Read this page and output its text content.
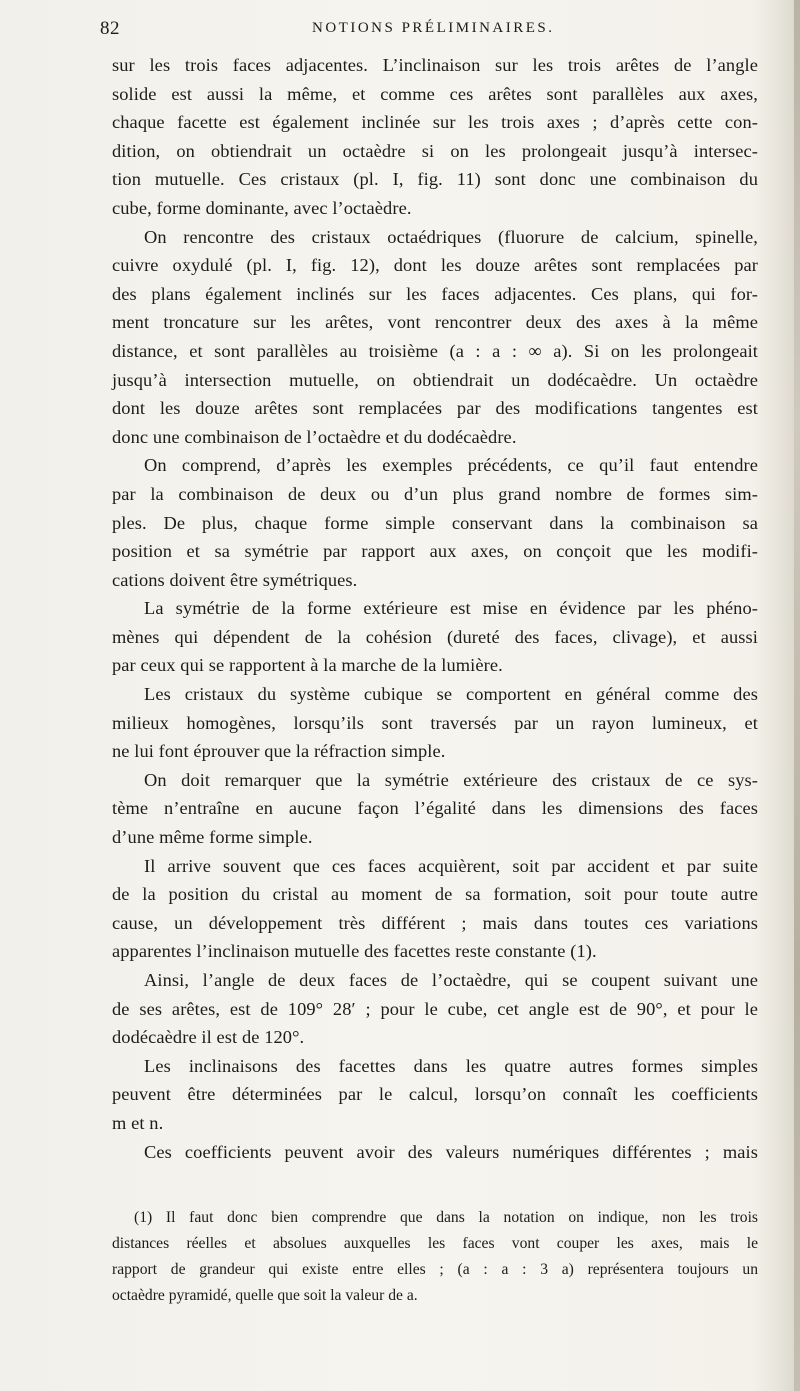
82	NOTIONS PRÉLIMINAIRES.
sur les trois faces adjacentes. L’inclinaison sur les trois arêtes de l’angle
solide est aussi la même, et comme ces arêtes sont parallèles aux axes,
chaque facette est également inclinée sur les trois axes ; d’après cette con-
dition, on obtiendrait un octaèdre si on les prolongeait jusqu’à intersec-
tion mutuelle. Ces cristaux (pl. I, fig. 11) sont donc une combinaison du
cube, forme dominante, avec l’octaèdre.
On rencontre des cristaux octaédriques (fluorure de calcium, spinelle,
cuivre oxydulé (pl. I, fig. 12), dont les douze arêtes sont remplacées par
des plans également inclinés sur les faces adjacentes. Ces plans, qui for-
ment troncature sur les arêtes, vont rencontrer deux des axes à la même
distance, et sont parallèles au troisième (a : a : ∞ a). Si on les prolongeait
jusqu’à intersection mutuelle, on obtiendrait un dodécaèdre. Un octaèdre
dont les douze arêtes sont remplacées par des modifications tangentes est
donc une combinaison de l’octaèdre et du dodécaèdre.
On comprend, d’après les exemples précédents, ce qu’il faut entendre
par la combinaison de deux ou d’un plus grand nombre de formes sim-
ples. De plus, chaque forme simple conservant dans la combinaison sa
position et sa symétrie par rapport aux axes, on conçoit que les modifi-
cations doivent être symétriques.
La symétrie de la forme extérieure est mise en évidence par les phéno-
mènes qui dépendent de la cohésion (dureté des faces, clivage), et aussi
par ceux qui se rapportent à la marche de la lumière.
Les cristaux du système cubique se comportent en général comme des
milieux homogènes, lorsqu’ils sont traversés par un rayon lumineux, et
ne lui font éprouver que la réfraction simple.
On doit remarquer que la symétrie extérieure des cristaux de ce sys-
tème n’entraîne en aucune façon l’égalité dans les dimensions des faces
d’une même forme simple.
Il arrive souvent que ces faces acquièrent, soit par accident et par suite
de la position du cristal au moment de sa formation, soit pour toute autre
cause, un développement très différent ; mais dans toutes ces variations
apparentes l’inclinaison mutuelle des facettes reste constante (1).
Ainsi, l’angle de deux faces de l’octaèdre, qui se coupent suivant une
de ses arêtes, est de 109° 28′ ; pour le cube, cet angle est de 90°, et pour le
dodécaèdre il est de 120°.
Les inclinaisons des facettes dans les quatre autres formes simples
peuvent être déterminées par le calcul, lorsqu’on connaît les coefficients
m et n.
Ces coefficients peuvent avoir des valeurs numériques différentes ; mais
(1) Il faut donc bien comprendre que dans la notation on indique, non les trois
distances réelles et absolues auxquelles les faces vont couper les axes, mais le
rapport de grandeur qui existe entre elles ; (a : a : 3 a) représentera toujours un
octaèdre pyramidé, quelle que soit la valeur de a.
